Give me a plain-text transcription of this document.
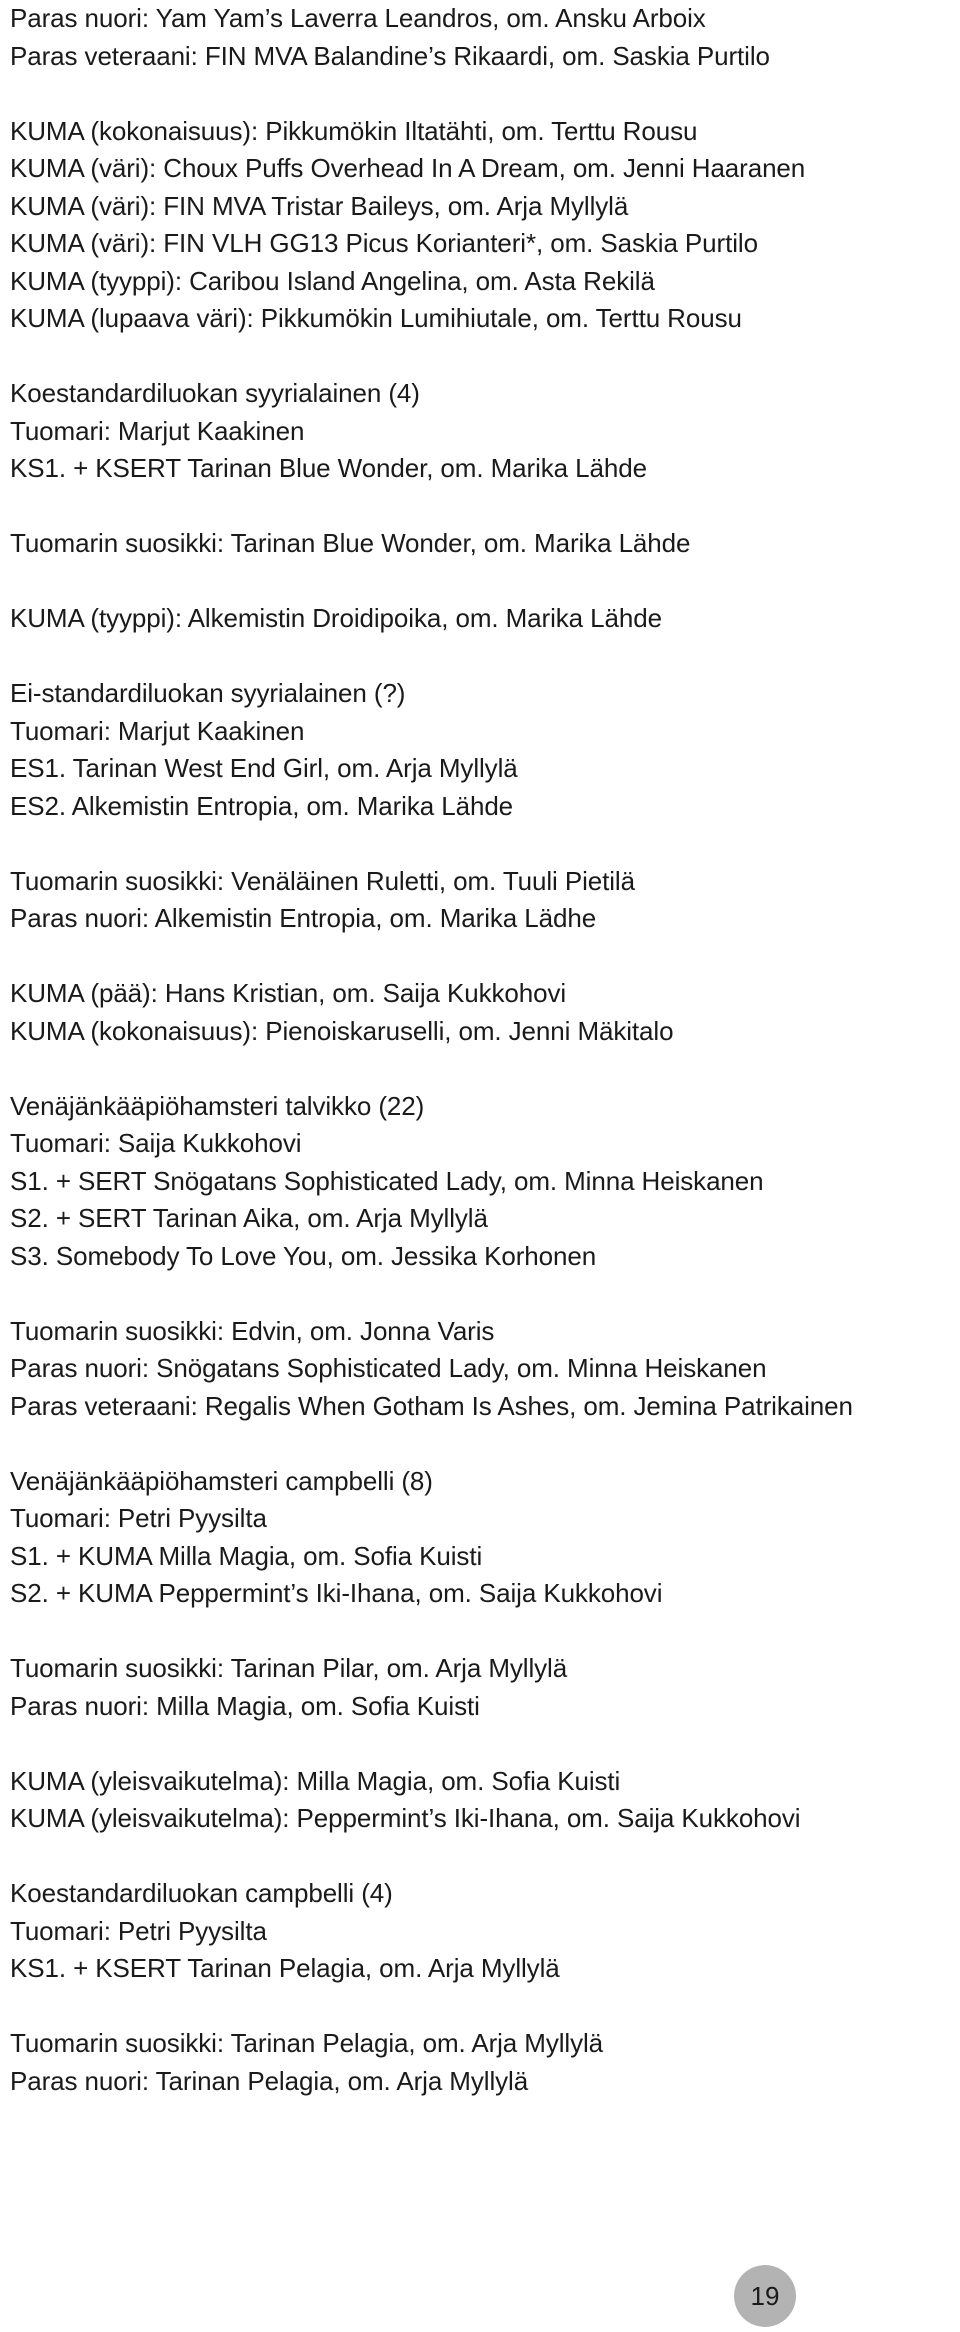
Paras nuori: Yam Yam’s Laverra Leandros, om. Ansku Arboix
Paras veteraani: FIN MVA Balandine’s Rikaardi, om. Saskia Purtilo
KUMA (kokonaisuus): Pikkumökin Iltatähti, om. Terttu Rousu
KUMA (väri): Choux Puffs Overhead In A Dream, om. Jenni Haaranen
KUMA (väri): FIN MVA Tristar Baileys, om. Arja Myllylä
KUMA (väri): FIN VLH GG13 Picus Korianteri*, om. Saskia Purtilo
KUMA (tyyppi): Caribou Island Angelina, om. Asta Rekilä
KUMA (lupaava väri): Pikkumökin Lumihiutale, om. Terttu Rousu
Koestandardiluokan syyrialainen (4)
Tuomari: Marjut Kaakinen
KS1. + KSERT Tarinan Blue Wonder, om. Marika Lähde
Tuomarin suosikki: Tarinan Blue Wonder, om. Marika Lähde
KUMA (tyyppi): Alkemistin Droidipoika, om. Marika Lähde
Ei-standardiluokan syyrialainen (?)
Tuomari: Marjut Kaakinen
ES1. Tarinan West End Girl, om. Arja Myllylä
ES2. Alkemistin Entropia, om. Marika Lähde
Tuomarin suosikki: Venäläinen Ruletti, om. Tuuli Pietilä
Paras nuori: Alkemistin Entropia, om. Marika Lädhe
KUMA (pää): Hans Kristian, om. Saija Kukkohovi
KUMA (kokonaisuus): Pienoiskaruselli, om. Jenni Mäkitalo
Venäjänkääpiöhamsteri talvikko (22)
Tuomari: Saija Kukkohovi
S1. + SERT Snögatans Sophisticated Lady, om. Minna Heiskanen
S2. + SERT Tarinan Aika, om. Arja Myllylä
S3. Somebody To Love You, om. Jessika Korhonen
Tuomarin suosikki: Edvin, om. Jonna Varis
Paras nuori: Snögatans Sophisticated Lady, om. Minna Heiskanen
Paras veteraani: Regalis When Gotham Is Ashes, om. Jemina Patrikainen
Venäjänkääpiöhamsteri campbelli (8)
Tuomari: Petri Pyysilta
S1. + KUMA Milla Magia, om. Sofia Kuisti
S2. + KUMA Peppermint’s Iki-Ihana, om. Saija Kukkohovi
Tuomarin suosikki: Tarinan Pilar, om. Arja Myllylä
Paras nuori: Milla Magia, om. Sofia Kuisti
KUMA (yleisvaikutelma): Milla Magia, om. Sofia Kuisti
KUMA (yleisvaikutelma): Peppermint’s Iki-Ihana, om. Saija Kukkohovi
Koestandardiluokan campbelli (4)
Tuomari: Petri Pyysilta
KS1. + KSERT Tarinan Pelagia, om. Arja Myllylä
Tuomarin suosikki: Tarinan Pelagia, om. Arja Myllylä
Paras nuori: Tarinan Pelagia, om. Arja Myllylä
19
